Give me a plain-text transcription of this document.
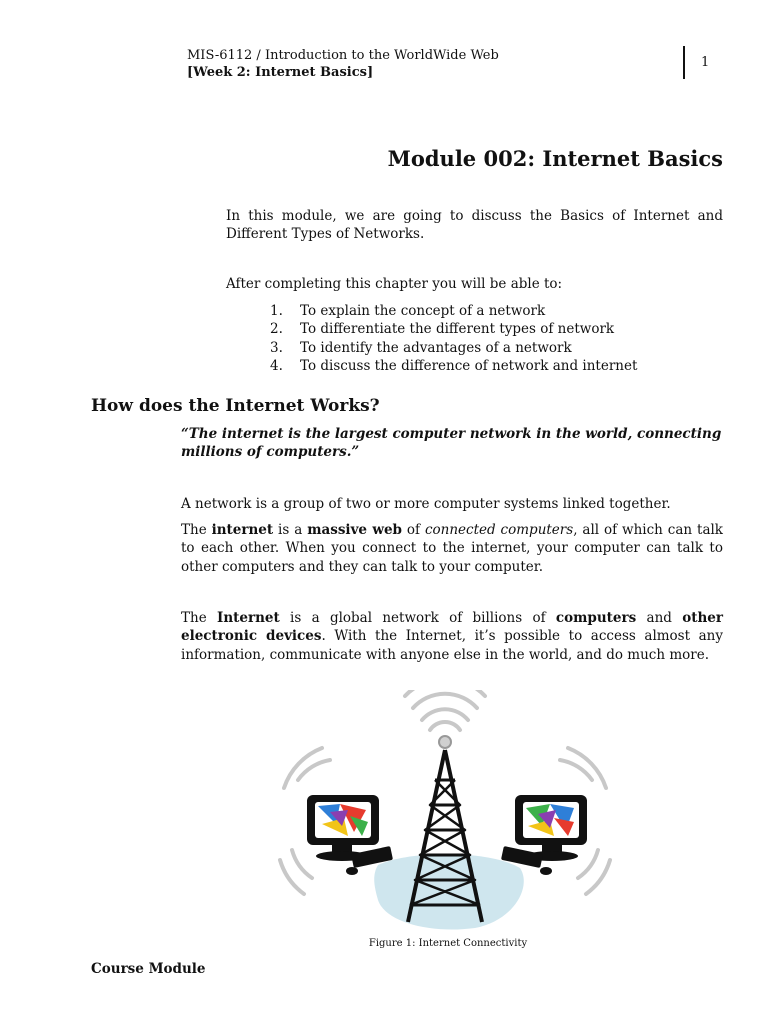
MIS-6112 / Introduction to the WorldWide Web
[Week 2: Internet Basics]
1
Module 002: Internet Basics
In this module, we are going to discuss the Basics of Internet and Different Types of Networks.
After completing this chapter you will be able to:
1. To explain the concept of a network
2. To differentiate the different types of network
3. To identify the advantages of a network
4. To discuss the difference of network and internet
How does the Internet Works?
“The internet is the largest computer network in the world, connecting millions of computers.”
A network is a group of two or more computer systems linked together.
The internet is a massive web of connected computers, all of which can talk to each other. When you connect to the internet, your computer can talk to other computers and they can talk to your computer.
The Internet is a global network of billions of computers and other electronic devices. With the Internet, it’s possible to access almost any information, communicate with anyone else in the world, and do much more.
Figure 1: Internet Connectivity
Course Module
